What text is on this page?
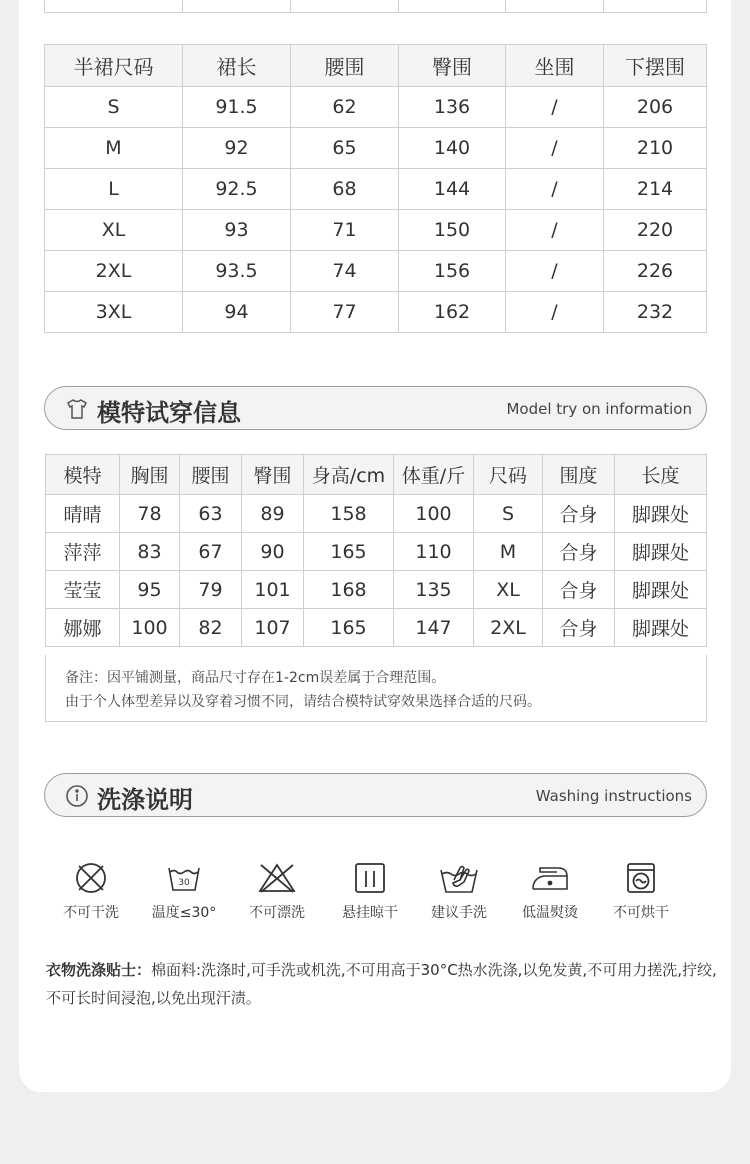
半裙尺码	裙长	腰围	臀围	坐围	下摆围
S	91.5	62	136	/	206
M	92	65	140	/	210
L	92.5	68	144	/	214
XL	93	71	150	/	220
2XL	93.5	74	156	/	226
3XL	94	77	162	/	232
模特试穿信息	Model try on information
模特	胸围	腰围	臀围	身高/cm	体重/斤	尺码	围度	长度
晴晴	78	63	89	158	100	S	合身	脚踝处
萍萍	83	67	90	165	110	M	合身	脚踝处
莹莹	95	79	101	168	135	XL	合身	脚踝处
娜娜	100	82	107	165	147	2XL	合身	脚踝处
备注：因平铺测量，商品尺寸存在1-2cm误差属于合理范围。
由于个人体型差异以及穿着习惯不同，请结合模特试穿效果选择合适的尺码。
洗涤说明	Washing instructions
不可干洗
30
温度≤30°	不可漂洗	悬挂晾干	建议手洗	低温熨烫	不可烘干
衣物洗涤贴士：棉面料:洗涤时,可手洗或机洗,不可用高于30°C热水洗涤,以免发黄,不可用力搓洗,拧绞,不可长时间浸泡,以免出现汗渍。
